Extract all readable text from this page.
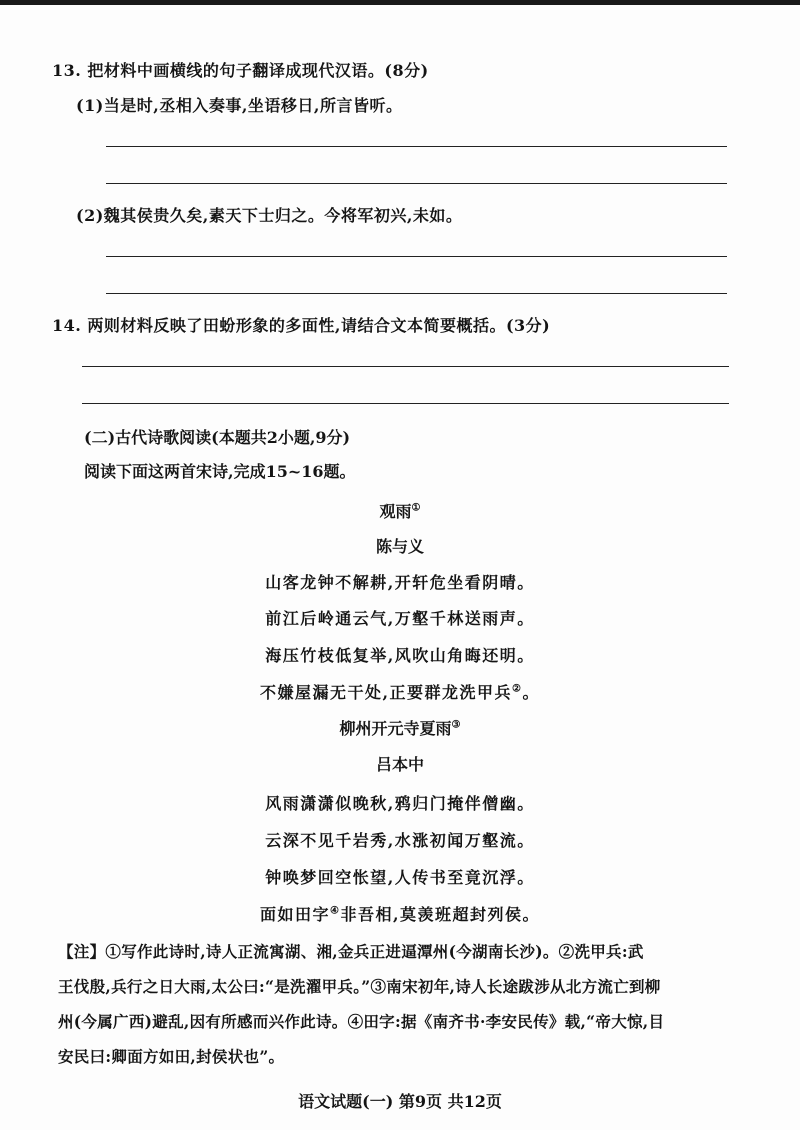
13. 把材料中画横线的句子翻译成现代汉语。(8分)
(1)当是时,丞相入奏事,坐语移日,所言皆听。
(2)魏其侯贵久矣,素天下士归之。今将军初兴,未如。
14. 两则材料反映了田蚡形象的多面性,请结合文本简要概括。(3分)
(二)古代诗歌阅读(本题共2小题,9分)
阅读下面这两首宋诗,完成15~16题。
观雨①
陈与义
山客龙钟不解耕,开轩危坐看阴晴。
前江后岭通云气,万壑千林送雨声。
海压竹枝低复举,风吹山角晦还明。
不嫌屋漏无干处,正要群龙洗甲兵②。
柳州开元寺夏雨③
吕本中
风雨潇潇似晚秋,鸦归门掩伴僧幽。
云深不见千岩秀,水涨初闻万壑流。
钟唤梦回空怅望,人传书至竟沉浮。
面如田字④非吾相,莫羡班超封列侯。
【注】①写作此诗时,诗人正流寓湖、湘,金兵正进逼潭州(今湖南长沙)。②洗甲兵:武
王伐殷,兵行之日大雨,太公曰:“是洗濯甲兵。”③南宋初年,诗人长途跋涉从北方流亡到柳
州(今属广西)避乱,因有所感而兴作此诗。④田字:据《南齐书·李安民传》载,“帝大惊,目
安民曰:卿面方如田,封侯状也”。
语文试题(一) 第9页 共12页
